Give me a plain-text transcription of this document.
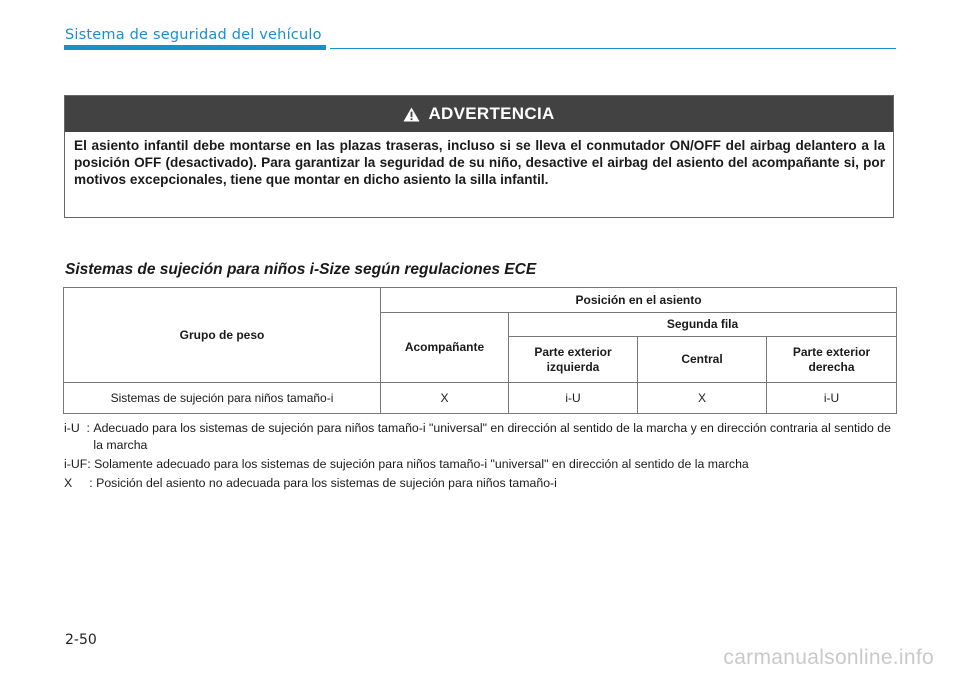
Sistema de seguridad del vehículo
ADVERTENCIA
El asiento infantil debe montarse en las plazas traseras, incluso si se lleva el conmutador ON/OFF del airbag delantero a la posición OFF (desactivado). Para garantizar la seguridad de su niño, desactive el airbag del asiento del acompañante si, por motivos excepcionales, tiene que montar en dicho asiento la silla infantil.
Sistemas de sujeción para niños i-Size según regulaciones ECE
Grupo de peso	Posición en el asiento			
	Acompañante	Segunda fila		
		Parte exterior izquierda	Central	Parte exterior derecha
Sistemas de sujeción para niños tamaño-i	X	i-U	X	i-U
i-U  : Adecuado para los sistemas de sujeción para niños tamaño-i "universal" en dirección al sentido de la marcha y en dirección contraria al sentido de la marcha
i-UF: Solamente adecuado para los sistemas de sujeción para niños tamaño-i "universal" en dirección al sentido de la marcha
X     : Posición del asiento no adecuada para los sistemas de sujeción para niños tamaño-i
2-50
carmanualsonline.info
